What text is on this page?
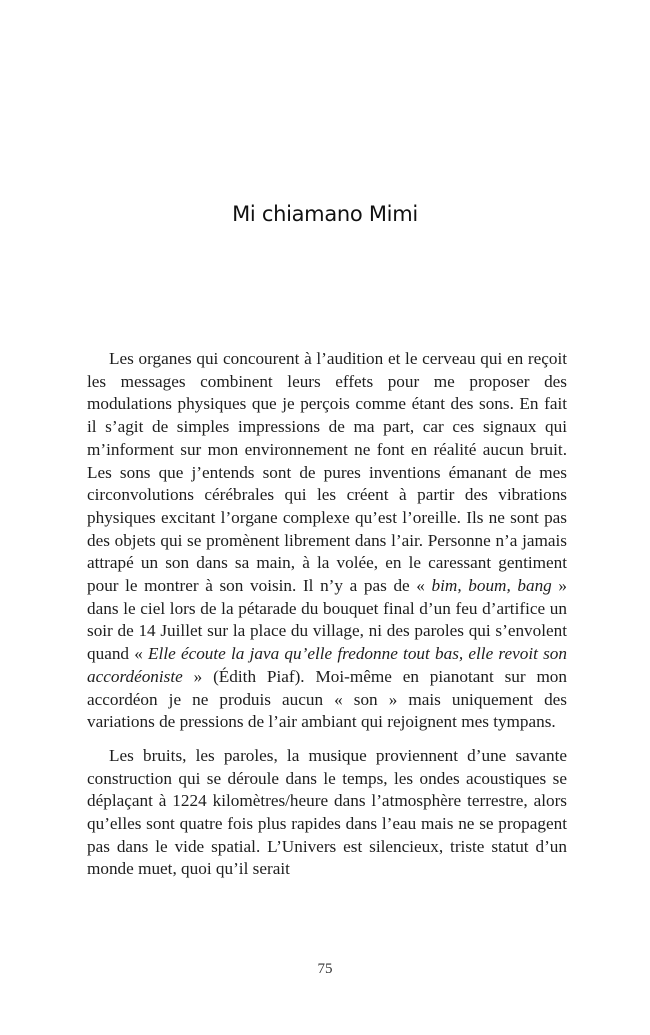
Mi chiamano Mimi

Les organes qui concourent à l’audition et le cerveau qui en reçoit les messages combinent leurs effets pour me proposer des modulations physiques que je perçois comme étant des sons. En fait il s’agit de simples impressions de ma part, car ces signaux qui m’informent sur mon environnement ne font en réalité aucun bruit. Les sons que j’entends sont de pures inventions émanant de mes circonvolutions cérébrales qui les créent à partir des vibrations physiques excitant l’organe complexe qu’est l’oreille. Ils ne sont pas des objets qui se promènent librement dans l’air. Personne n’a jamais attrapé un son dans sa main, à la volée, en le caressant gentiment pour le montrer à son voisin. Il n’y a pas de « bim, boum, bang » dans le ciel lors de la pétarade du bouquet final d’un feu d’artifice un soir de 14 Juillet sur la place du village, ni des paroles qui s’envolent quand « Elle écoute la java qu’elle fredonne tout bas, elle revoit son accordéoniste » (Édith Piaf). Moi-même en pianotant sur mon accordéon je ne produis aucun « son » mais uniquement des variations de pressions de l’air ambiant qui rejoignent mes tympans.

Les bruits, les paroles, la musique proviennent d’une savante construction qui se déroule dans le temps, les ondes acoustiques se déplaçant à 1224 kilomètres/heure dans l’atmosphère terrestre, alors qu’elles sont quatre fois plus rapides dans l’eau mais ne se propagent pas dans le vide spatial. L’Univers est silencieux, triste statut d’un monde muet, quoi qu’il serait

75
